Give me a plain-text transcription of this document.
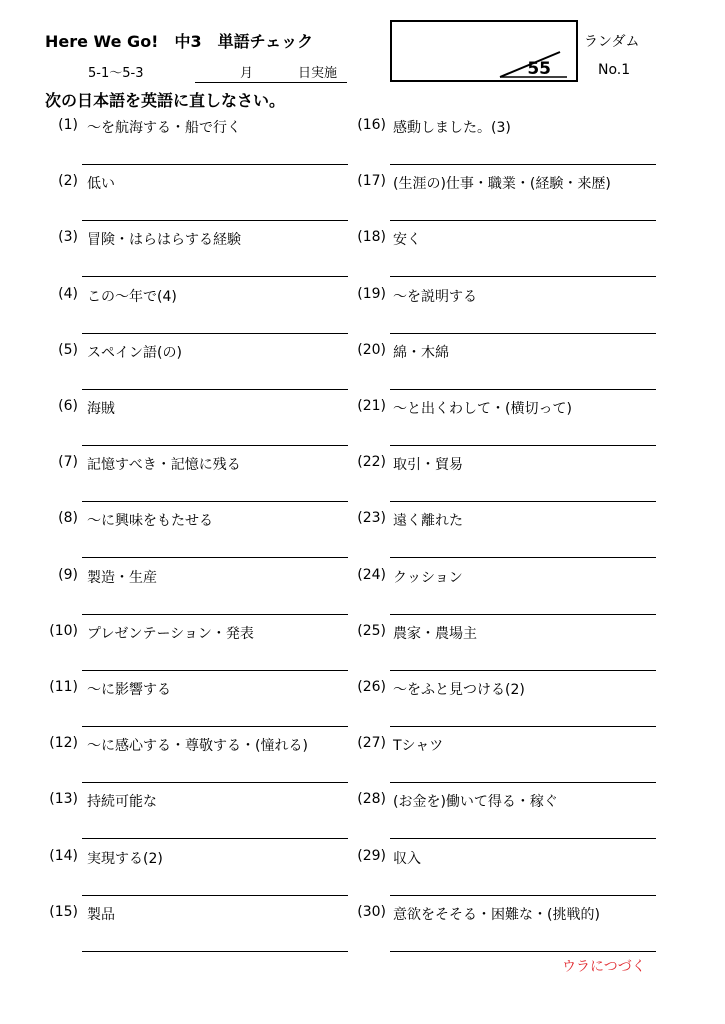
Here We Go!　中3　単語チェック
5-1～5-3	月	日実施	55
ランダム
No.1
次の日本語を英語に直しなさい。
(1) ～を航海する・船で行く
(2) 低い
(3) 冒険・はらはらする経験
(4) この～年で(4)
(5) スペイン語(の)
(6) 海賊
(7) 記憶すべき・記憶に残る
(8) ～に興味をもたせる
(9) 製造・生産
(10) プレゼンテーション・発表
(11) ～に影響する
(12) ～に感心する・尊敬する・(憧れる)
(13) 持続可能な
(14) 実現する(2)
(15) 製品
(16) 感動しました。(3)
(17) (生涯の)仕事・職業・(経験・来歴)
(18) 安く
(19) ～を説明する
(20) 綿・木綿
(21) ～と出くわして・(横切って)
(22) 取引・貿易
(23) 遠く離れた
(24) クッション
(25) 農家・農場主
(26) ～をふと見つける(2)
(27) Tシャツ
(28) (お金を)働いて得る・稼ぐ
(29) 収入
(30) 意欲をそそる・困難な・(挑戦的)
ウラにつづく
